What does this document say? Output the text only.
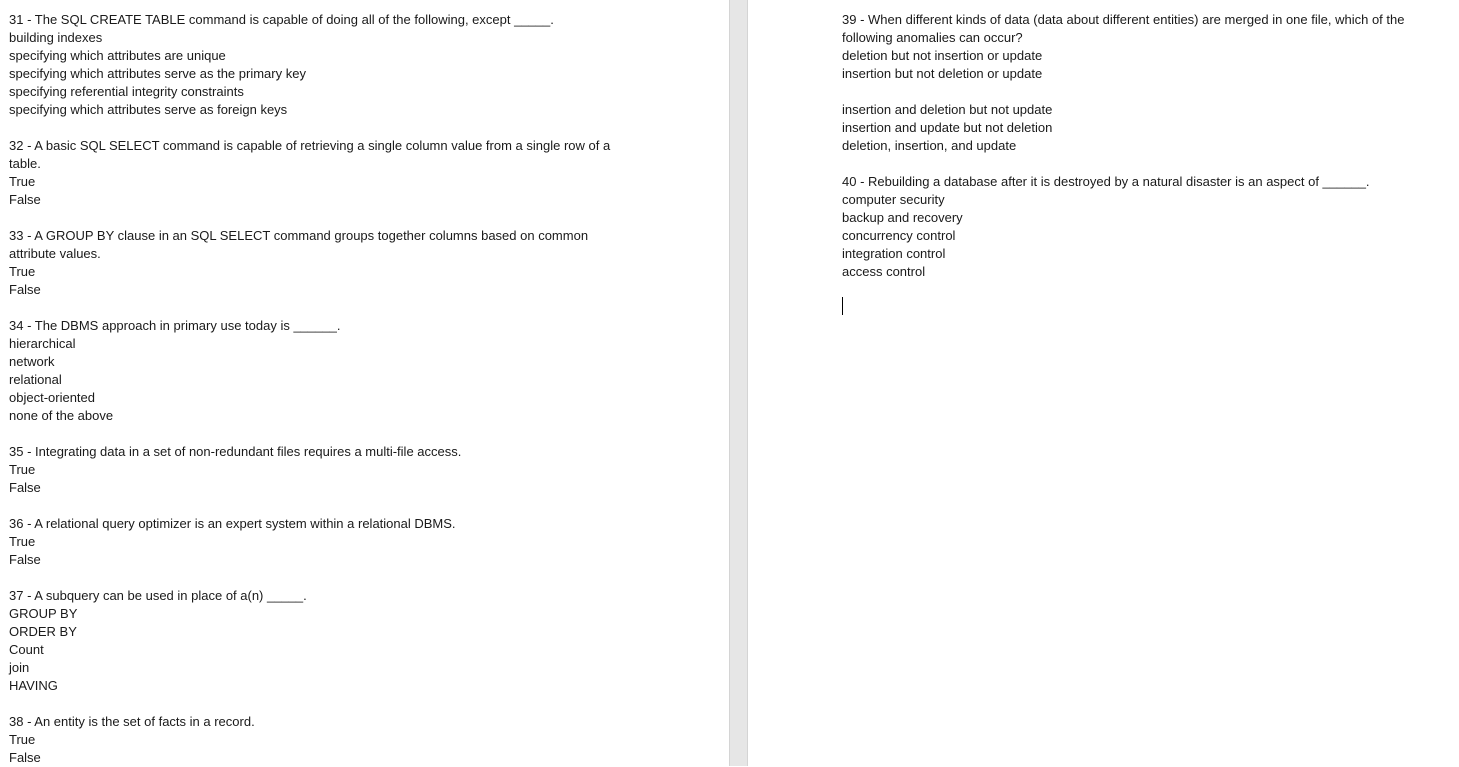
31 - The SQL CREATE TABLE command is capable of doing all of the following, except _____.
building indexes
specifying which attributes are unique
specifying which attributes serve as the primary key
specifying referential integrity constraints
specifying which attributes serve as foreign keys
32 - A basic SQL SELECT command is capable of retrieving a single column value from a single row of a
table.
True
False
33 - A GROUP BY clause in an SQL SELECT command groups together columns based on common
attribute values.
True
False
34 - The DBMS approach in primary use today is ______.
hierarchical
network
relational
object-oriented
none of the above
35 - Integrating data in a set of non-redundant files requires a multi-file access.
True
False
36 - A relational query optimizer is an expert system within a relational DBMS.
True
False
37 - A subquery can be used in place of a(n) _____.
GROUP BY
ORDER BY
Count
join
HAVING
38 - An entity is the set of facts in a record.
True
False
39 - When different kinds of data (data about different entities) are merged in one file, which of the
following anomalies can occur?
deletion but not insertion or update
insertion but not deletion or update
insertion and deletion but not update
insertion and update but not deletion
deletion, insertion, and update
40 - Rebuilding a database after it is destroyed by a natural disaster is an aspect of ______.
computer security
backup and recovery
concurrency control
integration control
access control
